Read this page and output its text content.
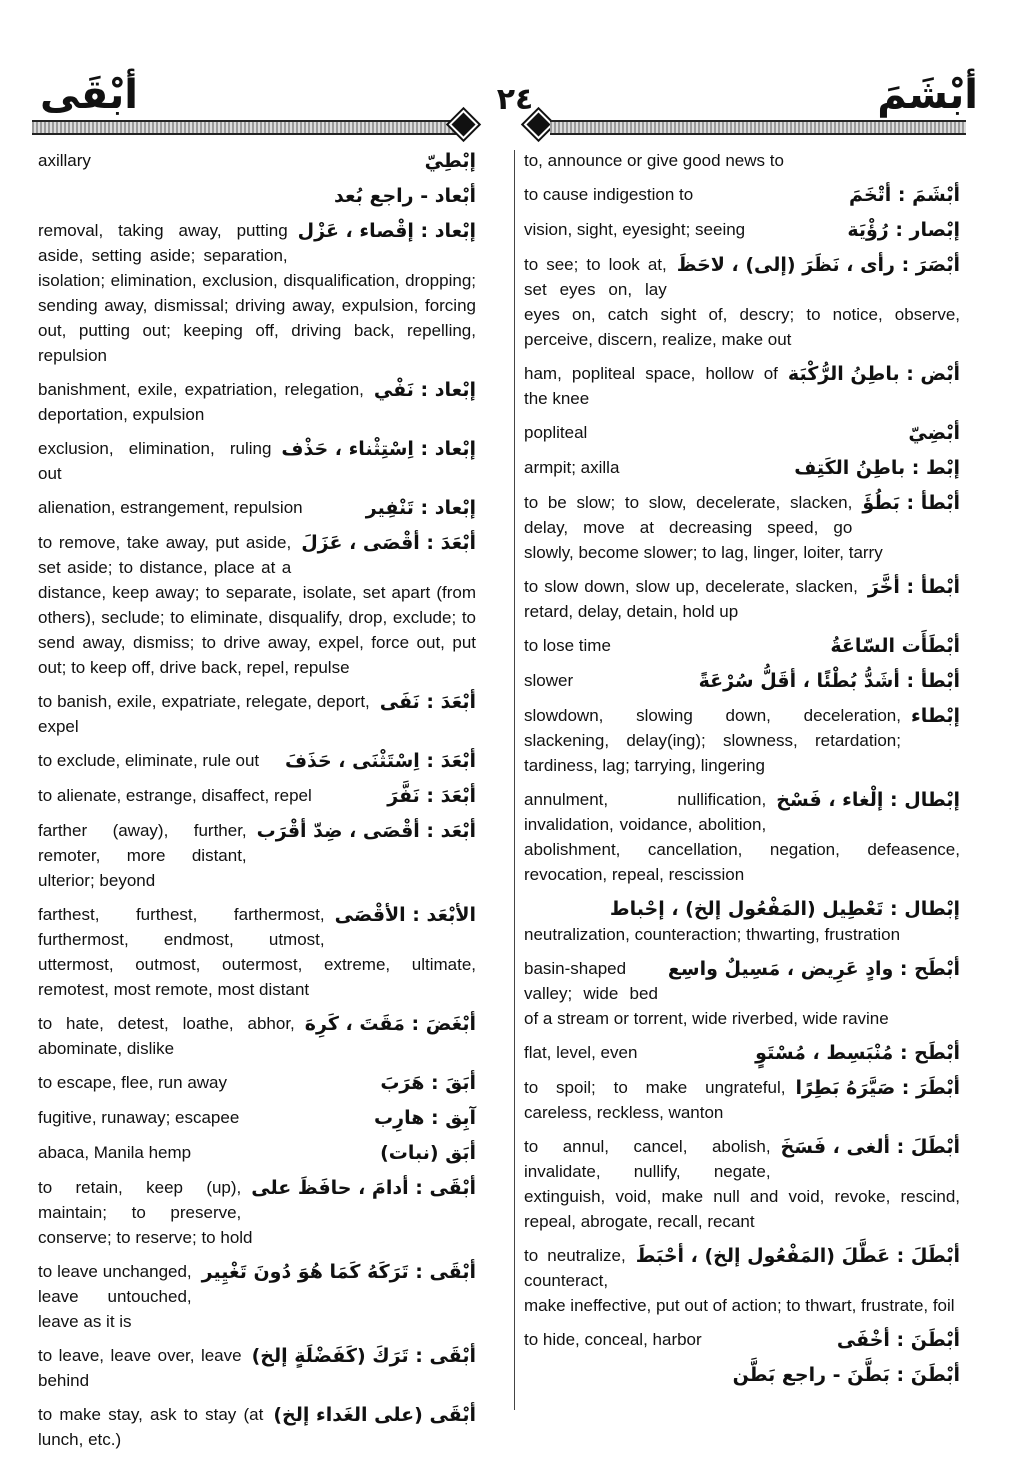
أبْقَى	٢٤	أبْشَمَ
إبْطِيّ
axillary
أبْعاد - راجع بُعد
إبْعاد : إقْصاء ، عَزْل
removal, taking away, putting aside, setting aside; separation, isolation; elimination, exclusion, disqualification, dropping; sending away, dismissal; driving away, expulsion, forcing out, putting out; keeping off, driving back, repelling, repulsion
إبْعاد : نَفْي
banishment, exile, expatriation, relegation, deportation, expulsion
إبْعاد : اِسْتِثْناء ، حَذْف
exclusion, elimination, ruling out
إبْعاد : تَنْفِير
alienation, estrangement, repulsion
أبْعَدَ : أقْصَى ، عَزَلَ
to remove, take away, put aside, set aside; to distance, place at a distance, keep away; to separate, isolate, set apart (from others), seclude; to eliminate, disqualify, drop, exclude; to send away, dismiss; to drive away, expel, force out, put out; to keep off, drive back, repel, repulse
أبْعَدَ : نَفَى
to banish, exile, expatriate, relegate, deport, expel
أبْعَدَ : اِسْتَثْنَى ، حَذَفَ
to exclude, eliminate, rule out
أبْعَدَ : نَفَّرَ
to alienate, estrange, disaffect, repel
أبْعَد : أقْصَى ، ضِدّ أقْرَب
farther (away), further, remoter, more distant, ulterior; beyond
الأبْعَد : الأقْصَى
farthest, furthest, farthermost, furthermost, endmost, utmost, uttermost, outmost, outermost, extreme, ultimate, remotest, most remote, most distant
أبْغَضَ : مَقَتَ ، كَرِهَ
to hate, detest, loathe, abhor, abominate, dislike
أبَقَ : هَرَبَ
to escape, flee, run away
آبِق : هارِب
fugitive, runaway; escapee
أبَق (نبات)
abaca, Manila hemp
أبْقَى : أدامَ ، حافَظَ على
to retain, keep (up), maintain; to preserve, conserve; to reserve; to hold
أبْقَى : تَرَكَهُ كَمَا هُوَ دُونَ تَغْيِير
to leave unchanged, leave untouched, leave as it is
أبْقَى : تَرَكَ (كَفَضْلَةٍ إلخ)
to leave, leave over, leave behind
أبْقَى (على الغَداء إلخ)
to make stay, ask to stay (at lunch, etc.)
to, announce or give good news to
أبْشَمَ : أتْخَمَ
to cause indigestion to
إبْصار : رُؤْيَة
vision, sight, eyesight; seeing
أبْصَرَ : رأى ، نَظَرَ (إلى) ، لاحَظَ
to see; to look at, set eyes on, lay eyes on, catch sight of, descry; to notice, observe, perceive, discern, realize, make out
أبْض : باطِنُ الرُّكْبَة
ham, popliteal space, hollow of the knee
أبْضِيّ
popliteal
إبْط : باطِنُ الكَتِف
armpit; axilla
أبْطأ : بَطُؤَ
to be slow; to slow, decelerate, slacken, delay, move at decreasing speed, go slowly, become slower; to lag, linger, loiter, tarry
أبْطأ : أخَّرَ
to slow down, slow up, decelerate, slacken, retard, delay, detain, hold up
أبْطَأَت السّاعَةُ
to lose time
أبْطأ : أشَدُّ بُطْئًا ، أقَلُّ سُرْعَةً
slower
إبْطاء
slowdown, slowing down, deceleration, slackening, delay(ing); slowness, retardation; tardiness, lag; tarrying, lingering
إبْطال : إلْغاء ، فَسْخ
annulment, nullification, invalidation, voidance, abolition, abolishment, cancellation, negation, defeasence, revocation, repeal, rescission
إبْطال : تَعْطِيل (المَفْعُول إلخ) ، إحْباط
neutralization, counteraction; thwarting, frustration
أبْطَح : وادٍ عَرِيض ، مَسِيلٌ واسِع
basin-shaped valley; wide bed of a stream or torrent, wide riverbed, wide ravine
أبْطَح : مُنْبَسِط ، مُسْتَوٍ
flat, level, even
أبْطَرَ : صَيَّرَهُ بَطِرًا
to spoil; to make ungrateful, careless, reckless, wanton
أبْطَلَ : ألغى ، فَسَخَ
to annul, cancel, abolish, invalidate, nullify, negate, extinguish, void, make null and void, revoke, rescind, repeal, abrogate, recall, recant
أبْطَلَ : عَطَّلَ (المَفْعُول إلخ) ، أحْبَطَ
to neutralize, counteract, make ineffective, put out of action; to thwart, frustrate, foil
أبْطَنَ : أخْفَى
to hide, conceal, harbor
أبْطَنَ : بَطَّنَ - راجع بَطَّن
